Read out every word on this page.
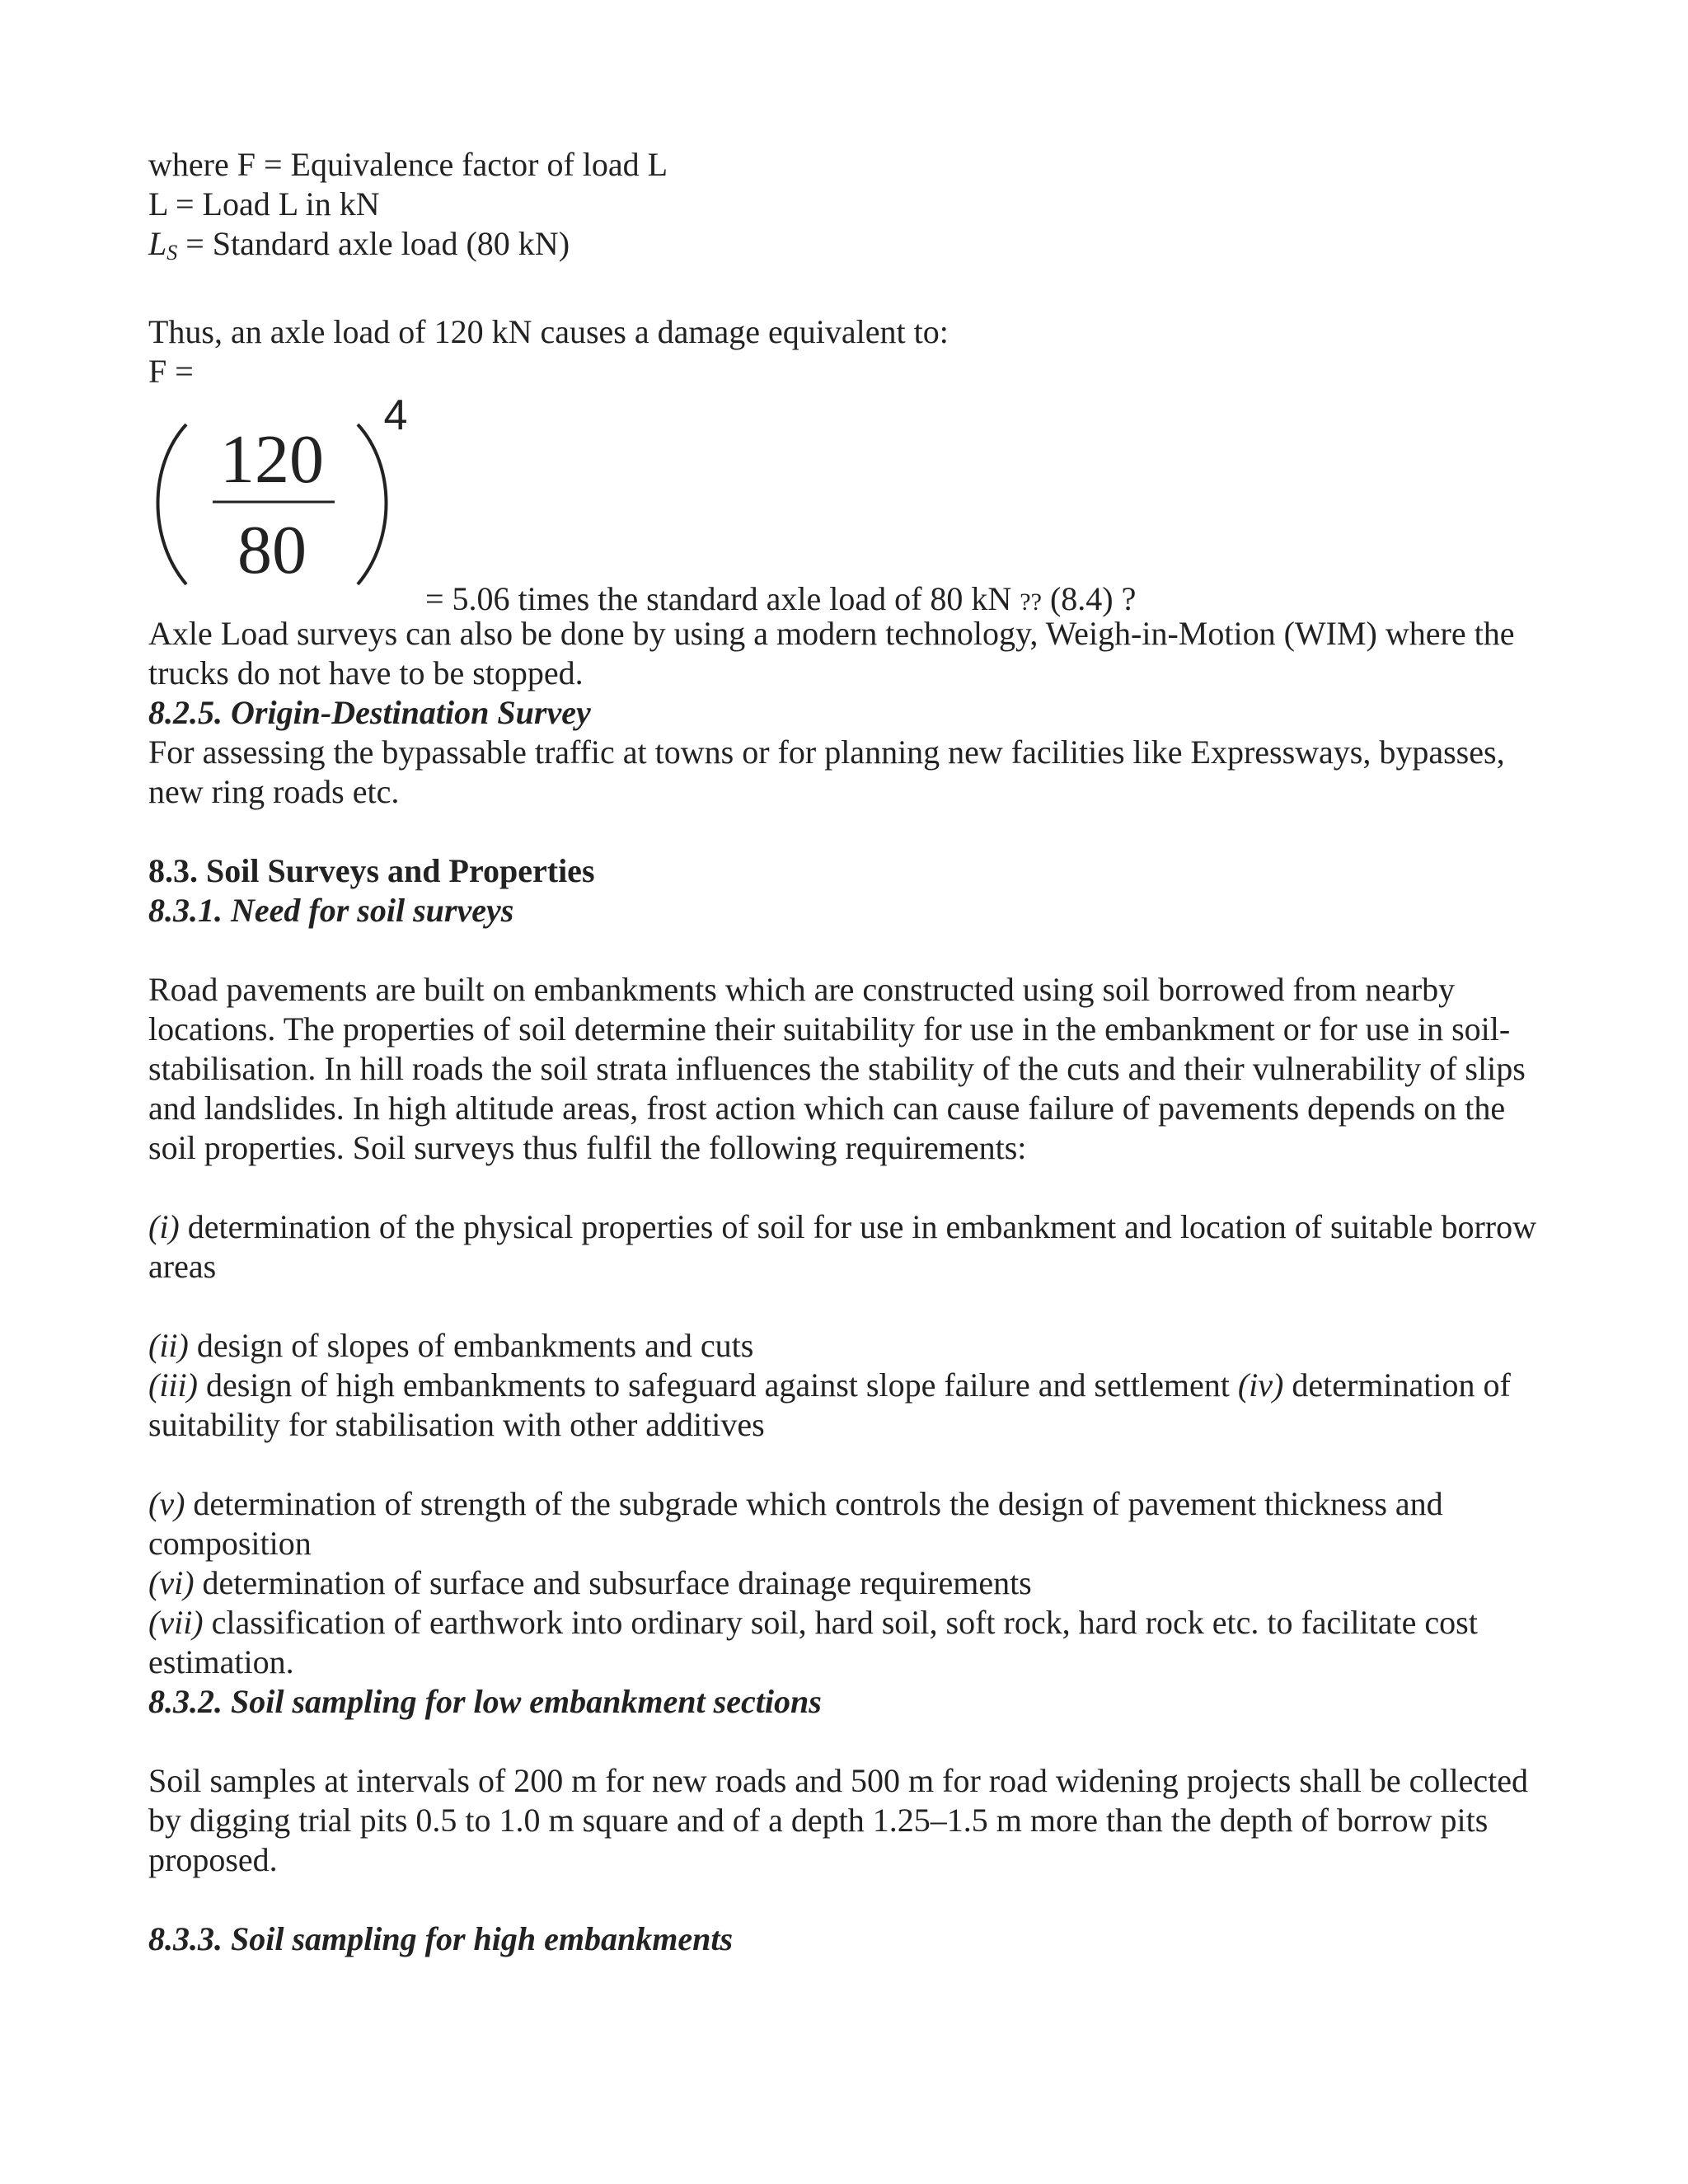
where F = Equivalence factor of load L
L = Load L in kN
LS = Standard axle load (80 kN)
Thus, an axle load of 120 kN causes a damage equivalent to:
F =
120
80
4
= 5.06 times the standard axle load of 80 kN ?? (8.4) ?
Axle Load surveys can also be done by using a modern technology, Weigh-in-Motion (WIM) where the trucks do not have to be stopped.
8.2.5. Origin-Destination Survey
For assessing the bypassable traffic at towns or for planning new facilities like Expressways, bypasses, new ring roads etc.
8.3. Soil Surveys and Properties
8.3.1. Need for soil surveys
Road pavements are built on embankments which are constructed using soil borrowed from nearby locations. The properties of soil determine their suitability for use in the embankment or for use in soil-stabilisation. In hill roads the soil strata influences the stability of the cuts and their vulnerability of slips and landslides. In high altitude areas, frost action which can cause failure of pavements depends on the soil properties. Soil surveys thus fulfil the following requirements:
(i) determination of the physical properties of soil for use in embankment and location of suitable borrow areas
(ii) design of slopes of embankments and cuts
(iii) design of high embankments to safeguard against slope failure and settlement (iv) determination of suitability for stabilisation with other additives
(v) determination of strength of the subgrade which controls the design of pavement thickness and composition
(vi) determination of surface and subsurface drainage requirements
(vii) classification of earthwork into ordinary soil, hard soil, soft rock, hard rock etc. to facilitate cost estimation.
8.3.2. Soil sampling for low embankment sections
Soil samples at intervals of 200 m for new roads and 500 m for road widening projects shall be collected by digging trial pits 0.5 to 1.0 m square and of a depth 1.25–1.5 m more than the depth of borrow pits proposed.
8.3.3. Soil sampling for high embankments
